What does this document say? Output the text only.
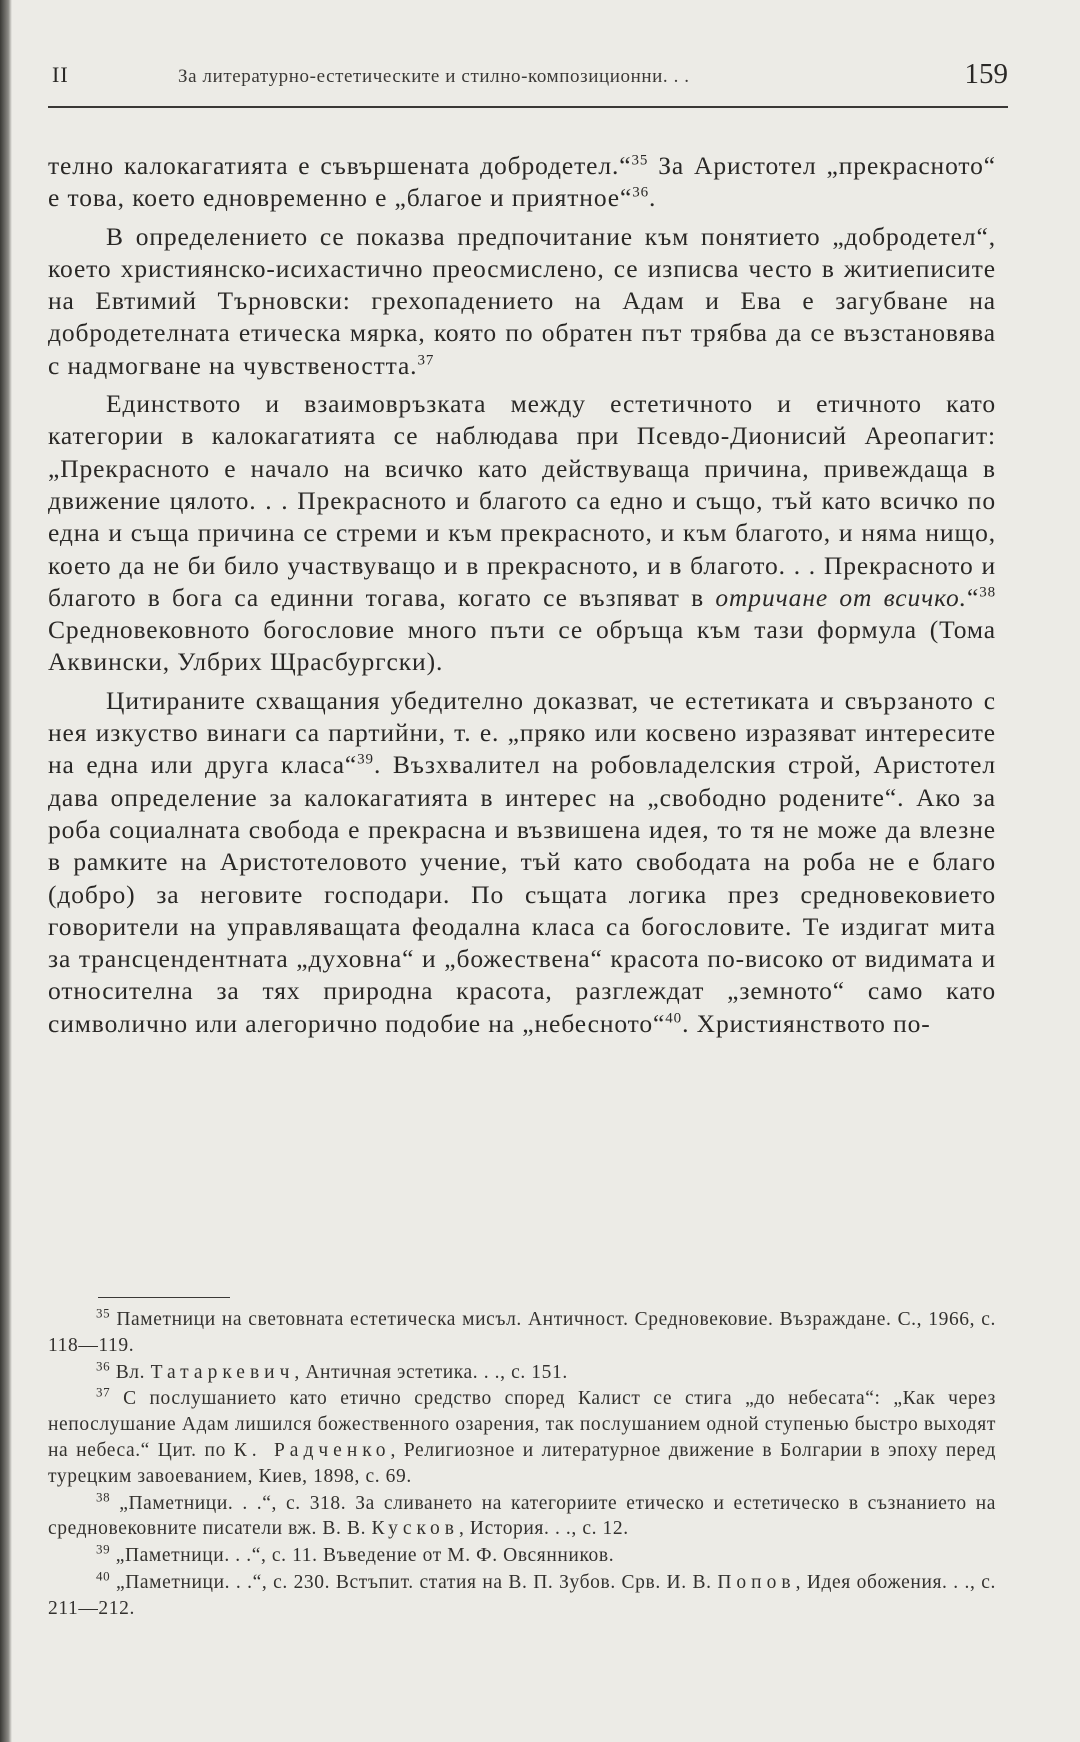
II	За литературно-естетическите и стилно-композиционни. . .	159

телно калокагатията е съвършената добродетел.“$^{35}$ За Аристотел „прекрасното“ е това, което едновременно е „благое и приятное“$^{36}$.

В определението се показва предпочитание към понятието „добродетел“, което християнско-исихастично преосмислено, се изписва често в житиеписите на Евтимий Търновски: грехопадението на Адам и Ева е загубване на добродетелната етическа мярка, която по обратен път трябва да се възстановява с надмогване на чувствеността.$^{37}$

Единството и взаимовръзката между естетичното и етичното като категории в калокагатията се наблюдава при Псевдо-Дионисий Ареопагит: „Прекрасното е начало на всичко като действуваща причина, привеждаща в движение цялото. . . Прекрасното и благото са едно и също, тъй като всичко по една и съща причина се стреми и към прекрасното, и към благото, и няма нищо, което да не би било участвуващо и в прекрасното, и в благото. . . Прекрасното и благото в бога са единни тогава, когато се възпяват в отричане от всичко.“$^{38}$ Средновековното богословие много пъти се обръща към тази формула (Тома Аквински, Улбрих Щрасбургски).

Цитираните схващания убедително доказват, че естетиката и свързаното с нея изкуство винаги са партийни, т. е. „пряко или косвено изразяват интересите на една или друга класа“$^{39}$. Възхвалител на робовладелския строй, Аристотел дава определение за калокагатията в интерес на „свободно родените“. Ако за роба социалната свобода е прекрасна и възвишена идея, то тя не може да влезне в рамките на Аристотеловото учение, тъй като свободата на роба не е благо (добро) за неговите господари. По същата логика през средновековието говорители на управляващата феодална класа са богословите. Те издигат мита за трансцендентната „духовна“ и „божествена“ красота по-високо от видимата и относителна за тях природна красота, разглеждат „земното“ само като символично или алегорично подобие на „небесното“$^{40}$. Християнството по-

$^{35}$ Паметници на световната естетическа мисъл. Античност. Средновековие. Възраждане. С., 1966, с. 118—119.

$^{36}$ Вл. Татаркевич, Античная эстетика. . ., с. 151.

$^{37}$ С послушанието като етично средство според Калист се стига „до небесата“: „Как через непослушание Адам лишился божественного озарения, так послушанием одной ступенью быстро выходят на небеса.“ Цит. по К. Радченко, Религиозное и литературное движение в Болгарии в эпоху перед турецким завоеванием, Киев, 1898, с. 69.

$^{38}$ „Паметници. . .“, с. 318. За сливането на категориите етическо и естетическо в съзнанието на средновековните писатели вж. В. В. Кусков, История. . ., с. 12.

$^{39}$ „Паметници. . .“, с. 11. Въведение от М. Ф. Овсянников.

$^{40}$ „Паметници. . .“, с. 230. Встъпит. статия на В. П. Зубов. Срв. И. В. Попов, Идея обожения. . ., с. 211—212.
